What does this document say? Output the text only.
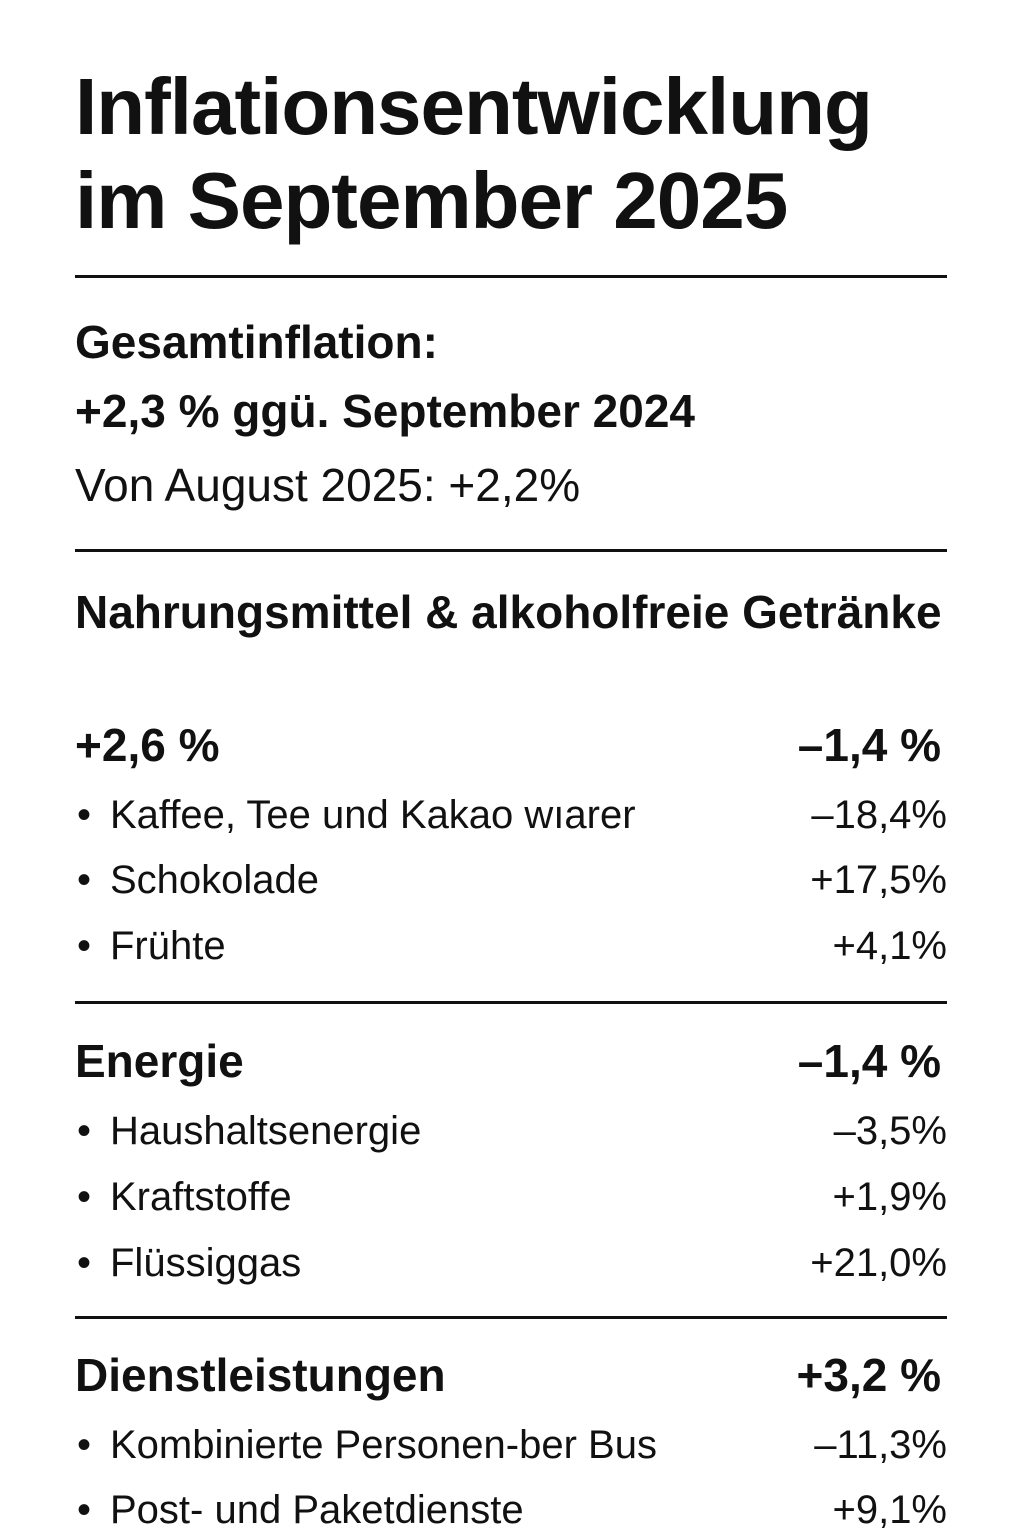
Inflationsentwicklung im September 2025
Gesamtinflation:
+2,3 % ggü. September 2024
Von August 2025: +2,2%
Nahrungsmittel & alkoholfreie Getränke
+2,6 %	–1,4 %
• Kaffee, Tee und Kakao wıarer	–18,4%
• Schokolade	+17,5%
• Frühte	+4,1%
Energie	–1,4 %
• Haushaltsenergie	–3,5%
• Kraftstoffe	+1,9%
• Flüssiggas	+21,0%
Dienstleistungen	+3,2 %
• Kombinierte Personen-ber Bus	–11,3%
• Post- und Paketdienste	+9,1%
